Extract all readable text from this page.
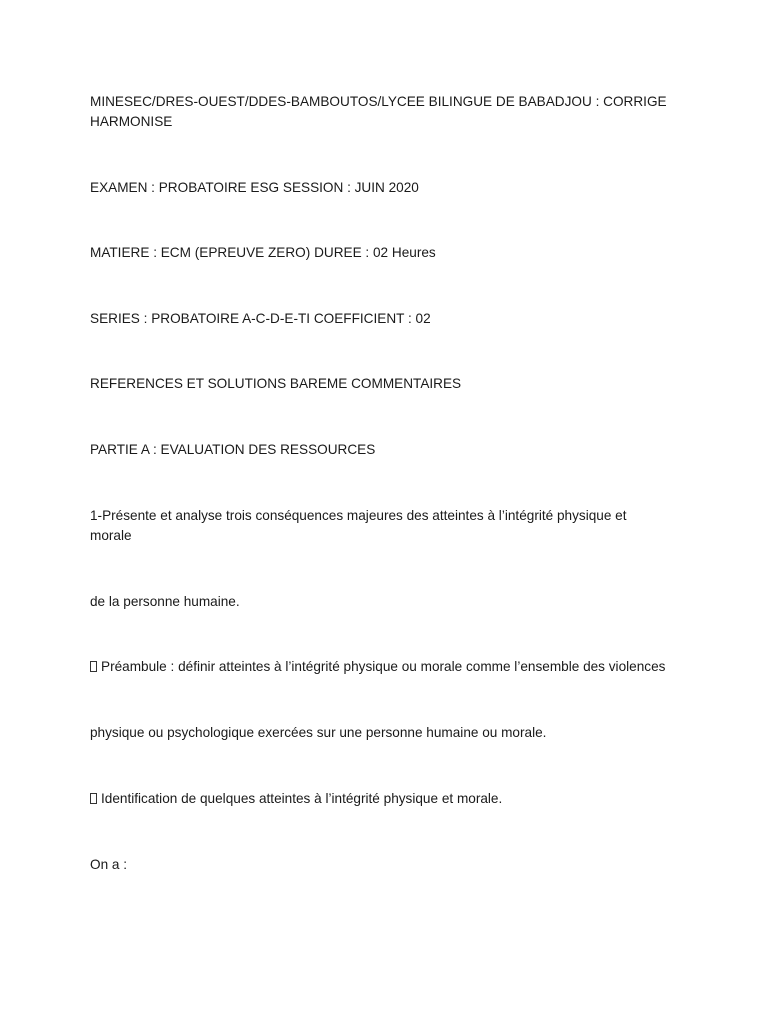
MINESEC/DRES-OUEST/DDES-BAMBOUTOS/LYCEE BILINGUE DE BABADJOU : CORRIGE
HARMONISE

EXAMEN : PROBATOIRE ESG SESSION : JUIN 2020

MATIERE : ECM (EPREUVE ZERO) DUREE : 02 Heures

SERIES : PROBATOIRE A-C-D-E-TI COEFFICIENT : 02

REFERENCES ET SOLUTIONS BAREME COMMENTAIRES

PARTIE A : EVALUATION DES RESSOURCES

1-Présente et analyse trois conséquences majeures des atteintes à l’intégrité physique et
morale

de la personne humaine.

Préambule : définir atteintes à l’intégrité physique ou morale comme l’ensemble des violences

physique ou psychologique exercées sur une personne humaine ou morale.

Identification de quelques atteintes à l’intégrité physique et morale.

On a :
